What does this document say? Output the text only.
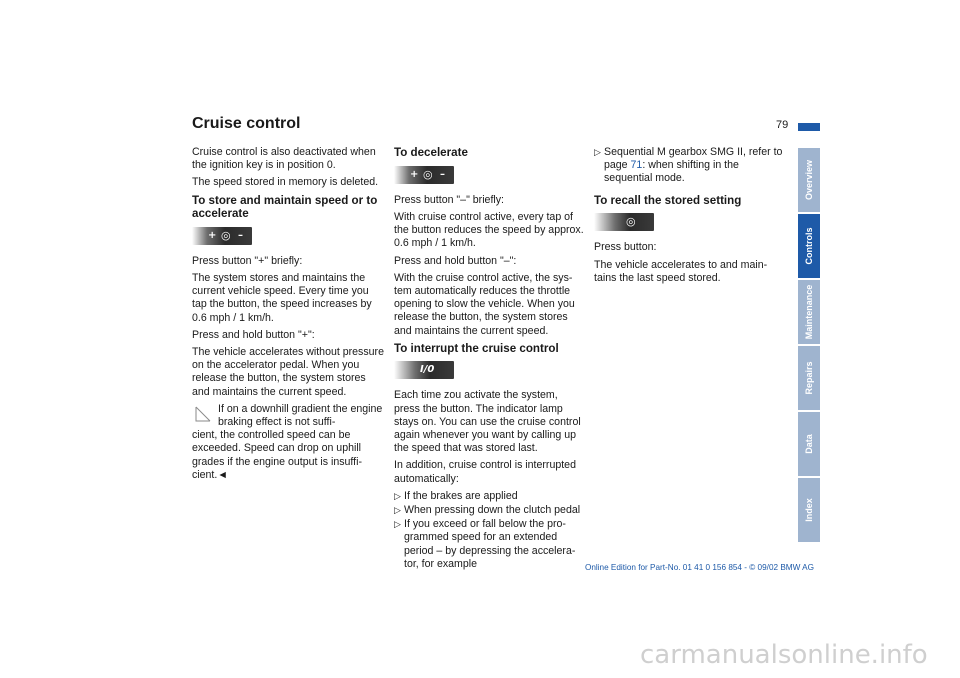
Cruise control	79

Cruise control is also deactivated when the ignition key is in position 0.

The speed stored in memory is deleted.

To store and maintain speed or to accelerate
+ ◎ –

Press button "+" briefly:

The system stores and maintains the current vehicle speed. Every time you tap the button, the speed increases by 0.6 mph / 1 km/h.

Press and hold button "+":

The vehicle accelerates without pressure on the accelerator pedal. When you release the button, the system stores and maintains the current speed.

If on a downhill gradient the engine braking effect is not suffi-
cient, the controlled speed can be exceeded. Speed can drop on uphill grades if the engine output is insuffi-cient.◄
To decelerate
+ ◎ –

Press button "–" briefly:

With cruise control active, every tap of the button reduces the speed by approx. 0.6 mph / 1 km/h.

Press and hold button "–":

With the cruise control active, the sys-tem automatically reduces the throttle opening to slow the vehicle. When you release the button, the system stores and maintains the current speed.

To interrupt the cruise control
I/0

Each time zou activate the system, press the button. The indicator lamp stays on. You can use the cruise control again whenever you want by calling up the speed that was stored last.

In addition, cruise control is interrupted automatically:

▷ If the brakes are applied
▷ When pressing down the clutch pedal
▷ If you exceed or fall below the pro-grammed speed for an extended period – by depressing the accelera-tor, for example
▷ Sequential M gearbox SMG II, refer to page 71: when shifting in the sequential mode.
To recall the stored setting
◎

Press button:

The vehicle accelerates to and main-tains the last speed stored.

Overview
Controls
Maintenance
Repairs
Data
Index
Online Edition for Part-No. 01 41 0 156 854 - © 09/02 BMW AG
carmanualsonline.info
